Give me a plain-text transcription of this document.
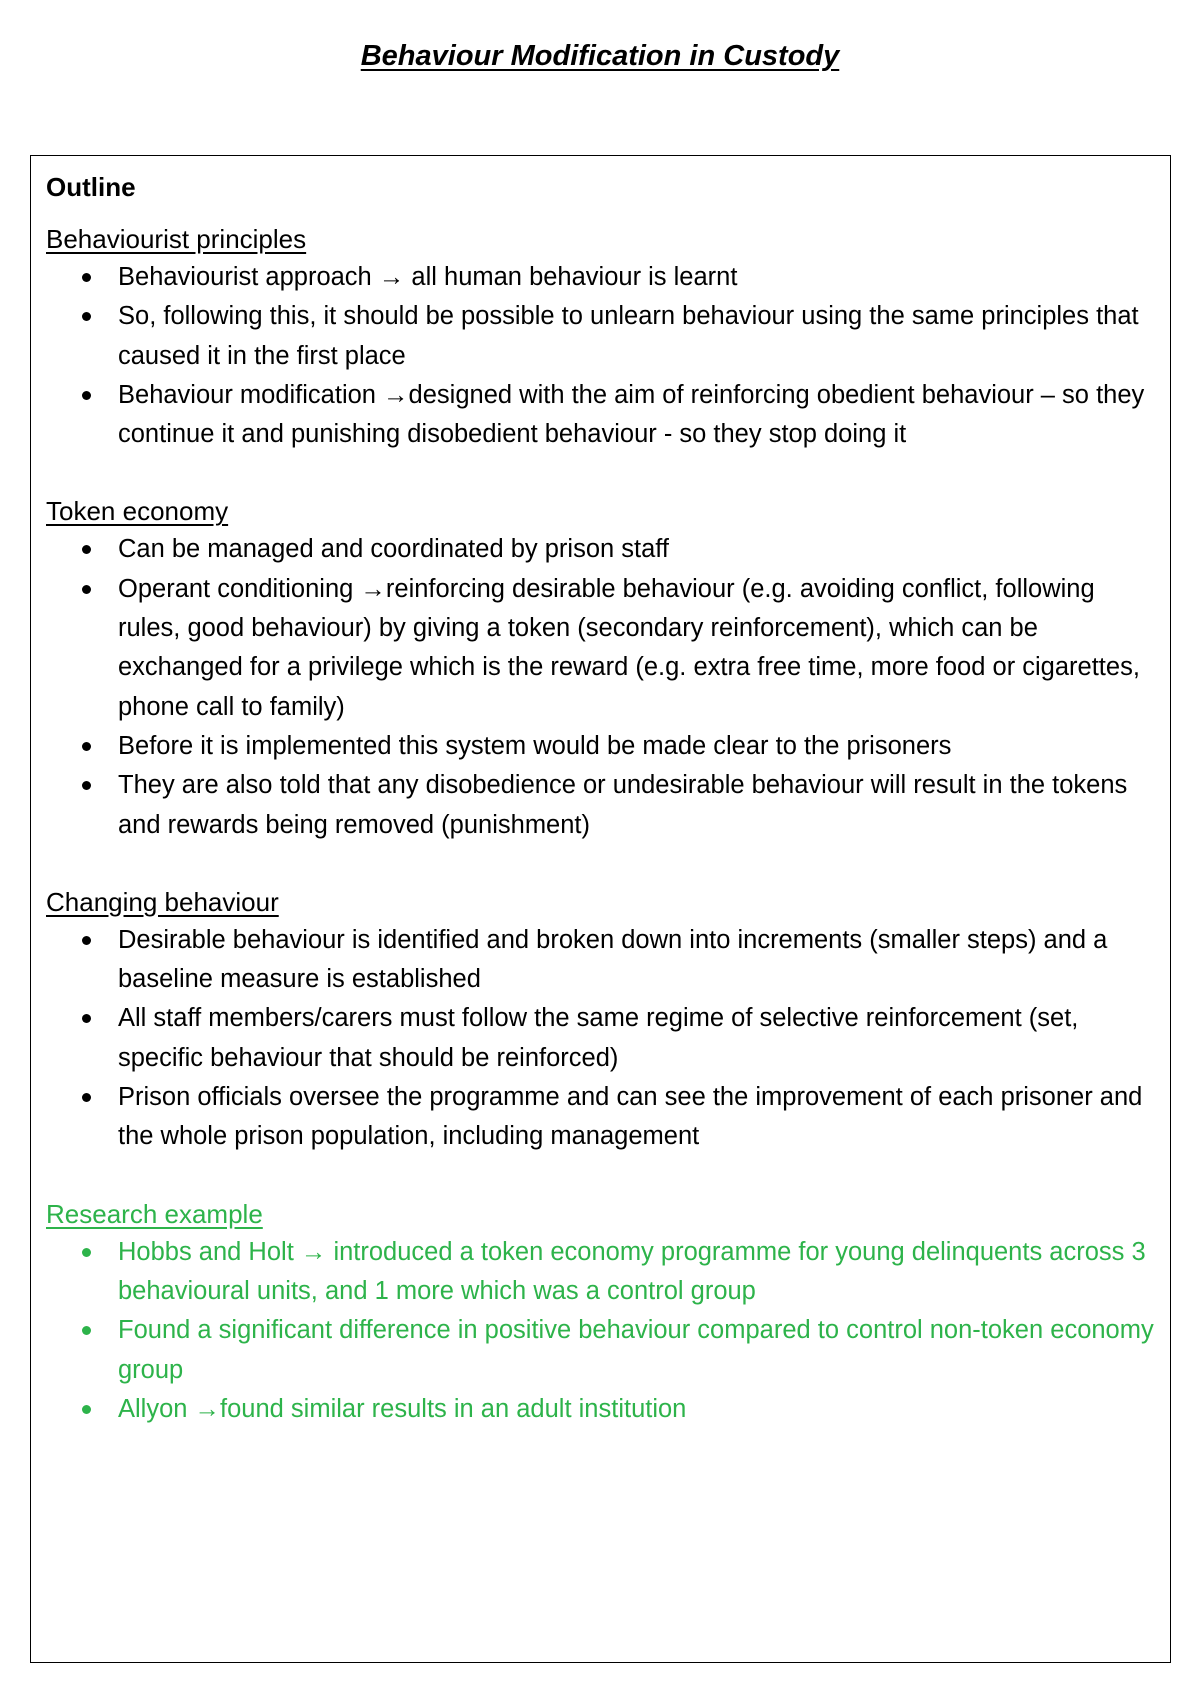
Behaviour Modification in Custody
Outline
Behaviourist principles
Behaviourist approach → all human behaviour is learnt
So, following this, it should be possible to unlearn behaviour using the same principles that caused it in the first place
Behaviour modification →designed with the aim of reinforcing obedient behaviour – so they continue it and punishing disobedient behaviour - so they stop doing it
Token economy
Can be managed and coordinated by prison staff
Operant conditioning →reinforcing desirable behaviour (e.g. avoiding conflict, following rules, good behaviour) by giving a token (secondary reinforcement), which can be exchanged for a privilege which is the reward (e.g. extra free time, more food or cigarettes, phone call to family)
Before it is implemented this system would be made clear to the prisoners
They are also told that any disobedience or undesirable behaviour will result in the tokens and rewards being removed (punishment)
Changing behaviour
Desirable behaviour is identified and broken down into increments (smaller steps) and a baseline measure is established
All staff members/carers must follow the same regime of selective reinforcement (set, specific behaviour that should be reinforced)
Prison officials oversee the programme and can see the improvement of each prisoner and the whole prison population, including management
Research example
Hobbs and Holt → introduced a token economy programme for young delinquents across 3 behavioural units, and 1 more which was a control group
Found a significant difference in positive behaviour compared to control non-token economy group
Allyon →found similar results in an adult institution
